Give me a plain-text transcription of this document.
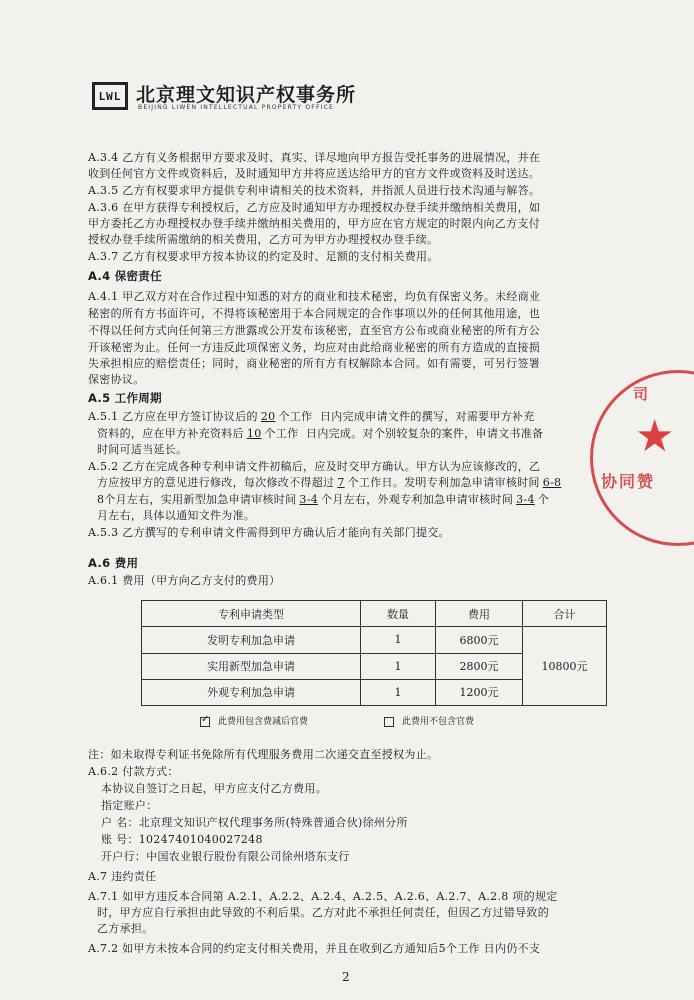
LWL 北京理文知识产权事务所
BEIJING LIWEN INTELLECTUAL PROPERTY OFFICE
A.3.4 乙方有义务根据甲方要求及时、真实、详尽地向甲方报告受托事务的进展情况，并在
收到任何官方文件或资料后，及时通知甲方并将应送达给甲方的官方文件或资料及时送达。
A.3.5 乙方有权要求甲方提供专利申请相关的技术资料，并指派人员进行技术沟通与解答。
A.3.6 在甲方获得专利授权后，乙方应及时通知甲方办理授权办登手续并缴纳相关费用，如
甲方委托乙方办理授权办登手续并缴纳相关费用的，甲方应在官方规定的时限内向乙方支付
授权办登手续所需缴纳的相关费用，乙方可为甲方办理授权办登手续。
A.3.7 乙方有权要求甲方按本协议的约定及时、足额的支付相关费用。
A.4 保密责任
A.4.1 甲乙双方对在合作过程中知悉的对方的商业和技术秘密，均负有保密义务。未经商业
秘密的所有方书面许可，不得将该秘密用于本合同规定的合作事项以外的任何其他用途，也
不得以任何方式向任何第三方泄露或公开发布该秘密，直至官方公布或商业秘密的所有方公
开该秘密为止。任何一方违反此项保密义务，均应对由此给商业秘密的所有方造成的直接损
失承担相应的赔偿责任；同时，商业秘密的所有方有权解除本合同。如有需要，可另行签署
保密协议。
A.5 工作周期
A.5.1 乙方应在甲方签订协议后的 20 个工作 日内完成申请文件的撰写，对需要甲方补充
资料的，应在甲方补充资料后 10 个工作 日内完成。对个别较复杂的案件，申请文书准备
时间可适当延长。
A.5.2 乙方在完成各种专利申请文件初稿后，应及时交甲方确认。甲方认为应该修改的，乙
方应按甲方的意见进行修改，每次修改不得超过 7 个工作日。发明专利加急申请审核时间 6-8
8个月左右，实用新型加急申请审核时间 3-4 个月左右，外观专利加急申请审核时间 3-4 个
月左右，具体以通知文件为准。
A.5.3 乙方撰写的专利申请文件需得到甲方确认后才能向有关部门提交。
A.6 费用
A.6.1 费用（甲方向乙方支付的费用）
专利申请类型	数量	费用	合计
发明专利加急申请	1	6800元	10800元
实用新型加急申请	1	2800元	
外观专利加急申请	1	1200元	
✓此费用包含费减后官费	此费用不包含官费
注：如未取得专利证书免除所有代理服务费用二次递交直至授权为止。
A.6.2 付款方式：
本协议自签订之日起，甲方应支付乙方费用。
指定账户：
户 名：北京理文知识产权代理事务所(特殊普通合伙)徐州分所
账 号：10247401040027248
开户行：中国农业银行股份有限公司徐州塔东支行
A.7 违约责任
A.7.1 如甲方违反本合同第 A.2.1、A.2.2、A.2.4、A.2.5、A.2.6、A.2.7、A.2.8 项的规定
时，甲方应自行承担由此导致的不利后果。乙方对此不承担任何责任，但因乙方过错导致的
乙方承担。
A.7.2 如甲方未按本合同的约定支付相关费用，并且在收到乙方通知后5个工作 日内仍不支
2
司
★
协同赞
